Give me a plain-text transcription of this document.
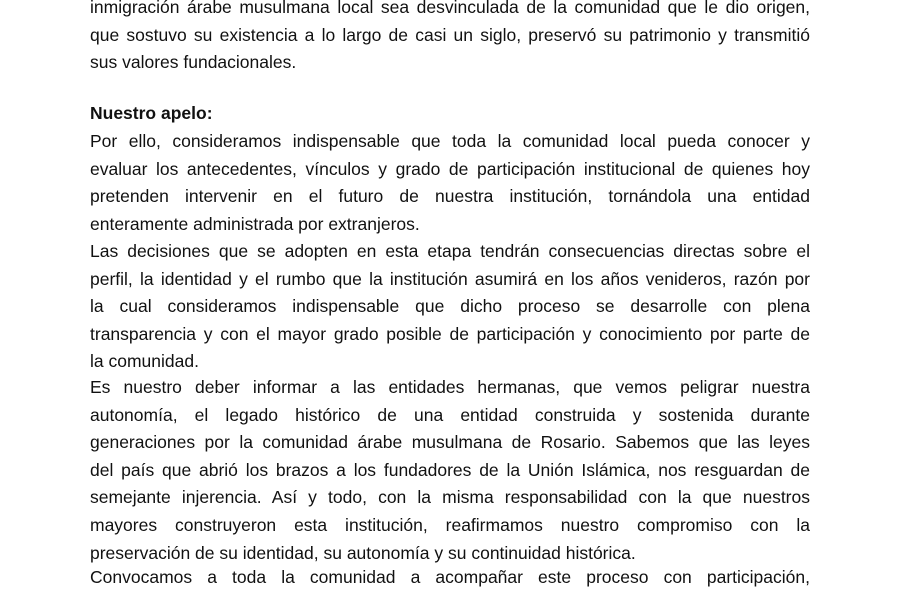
inmigración árabe musulmana local sea desvinculada de la comunidad que le dio origen,
que sostuvo su existencia a lo largo de casi un siglo, preservó su patrimonio y transmitió
sus valores fundacionales.
Nuestro apelo:
Por ello, consideramos indispensable que toda la comunidad local pueda conocer y
evaluar los antecedentes, vínculos y grado de participación institucional de quienes hoy
pretenden intervenir en el futuro de nuestra institución, tornándola una entidad
enteramente administrada por extranjeros.
Las decisiones que se adopten en esta etapa tendrán consecuencias directas sobre el
perfil, la identidad y el rumbo que la institución asumirá en los años venideros, razón por
la cual consideramos indispensable que dicho proceso se desarrolle con plena
transparencia y con el mayor grado posible de participación y conocimiento por parte de
la comunidad.
Es nuestro deber informar a las entidades hermanas, que vemos peligrar nuestra
autonomía, el legado histórico de una entidad construida y sostenida durante
generaciones por la comunidad árabe musulmana de Rosario. Sabemos que las leyes
del país que abrió los brazos a los fundadores de la Unión Islámica, nos resguardan de
semejante injerencia. Así y todo, con la misma responsabilidad con la que nuestros
mayores construyeron esta institución, reafirmamos nuestro compromiso con la
preservación de su identidad, su autonomía y su continuidad histórica.
Convocamos a toda la comunidad a acompañar este proceso con participación,
